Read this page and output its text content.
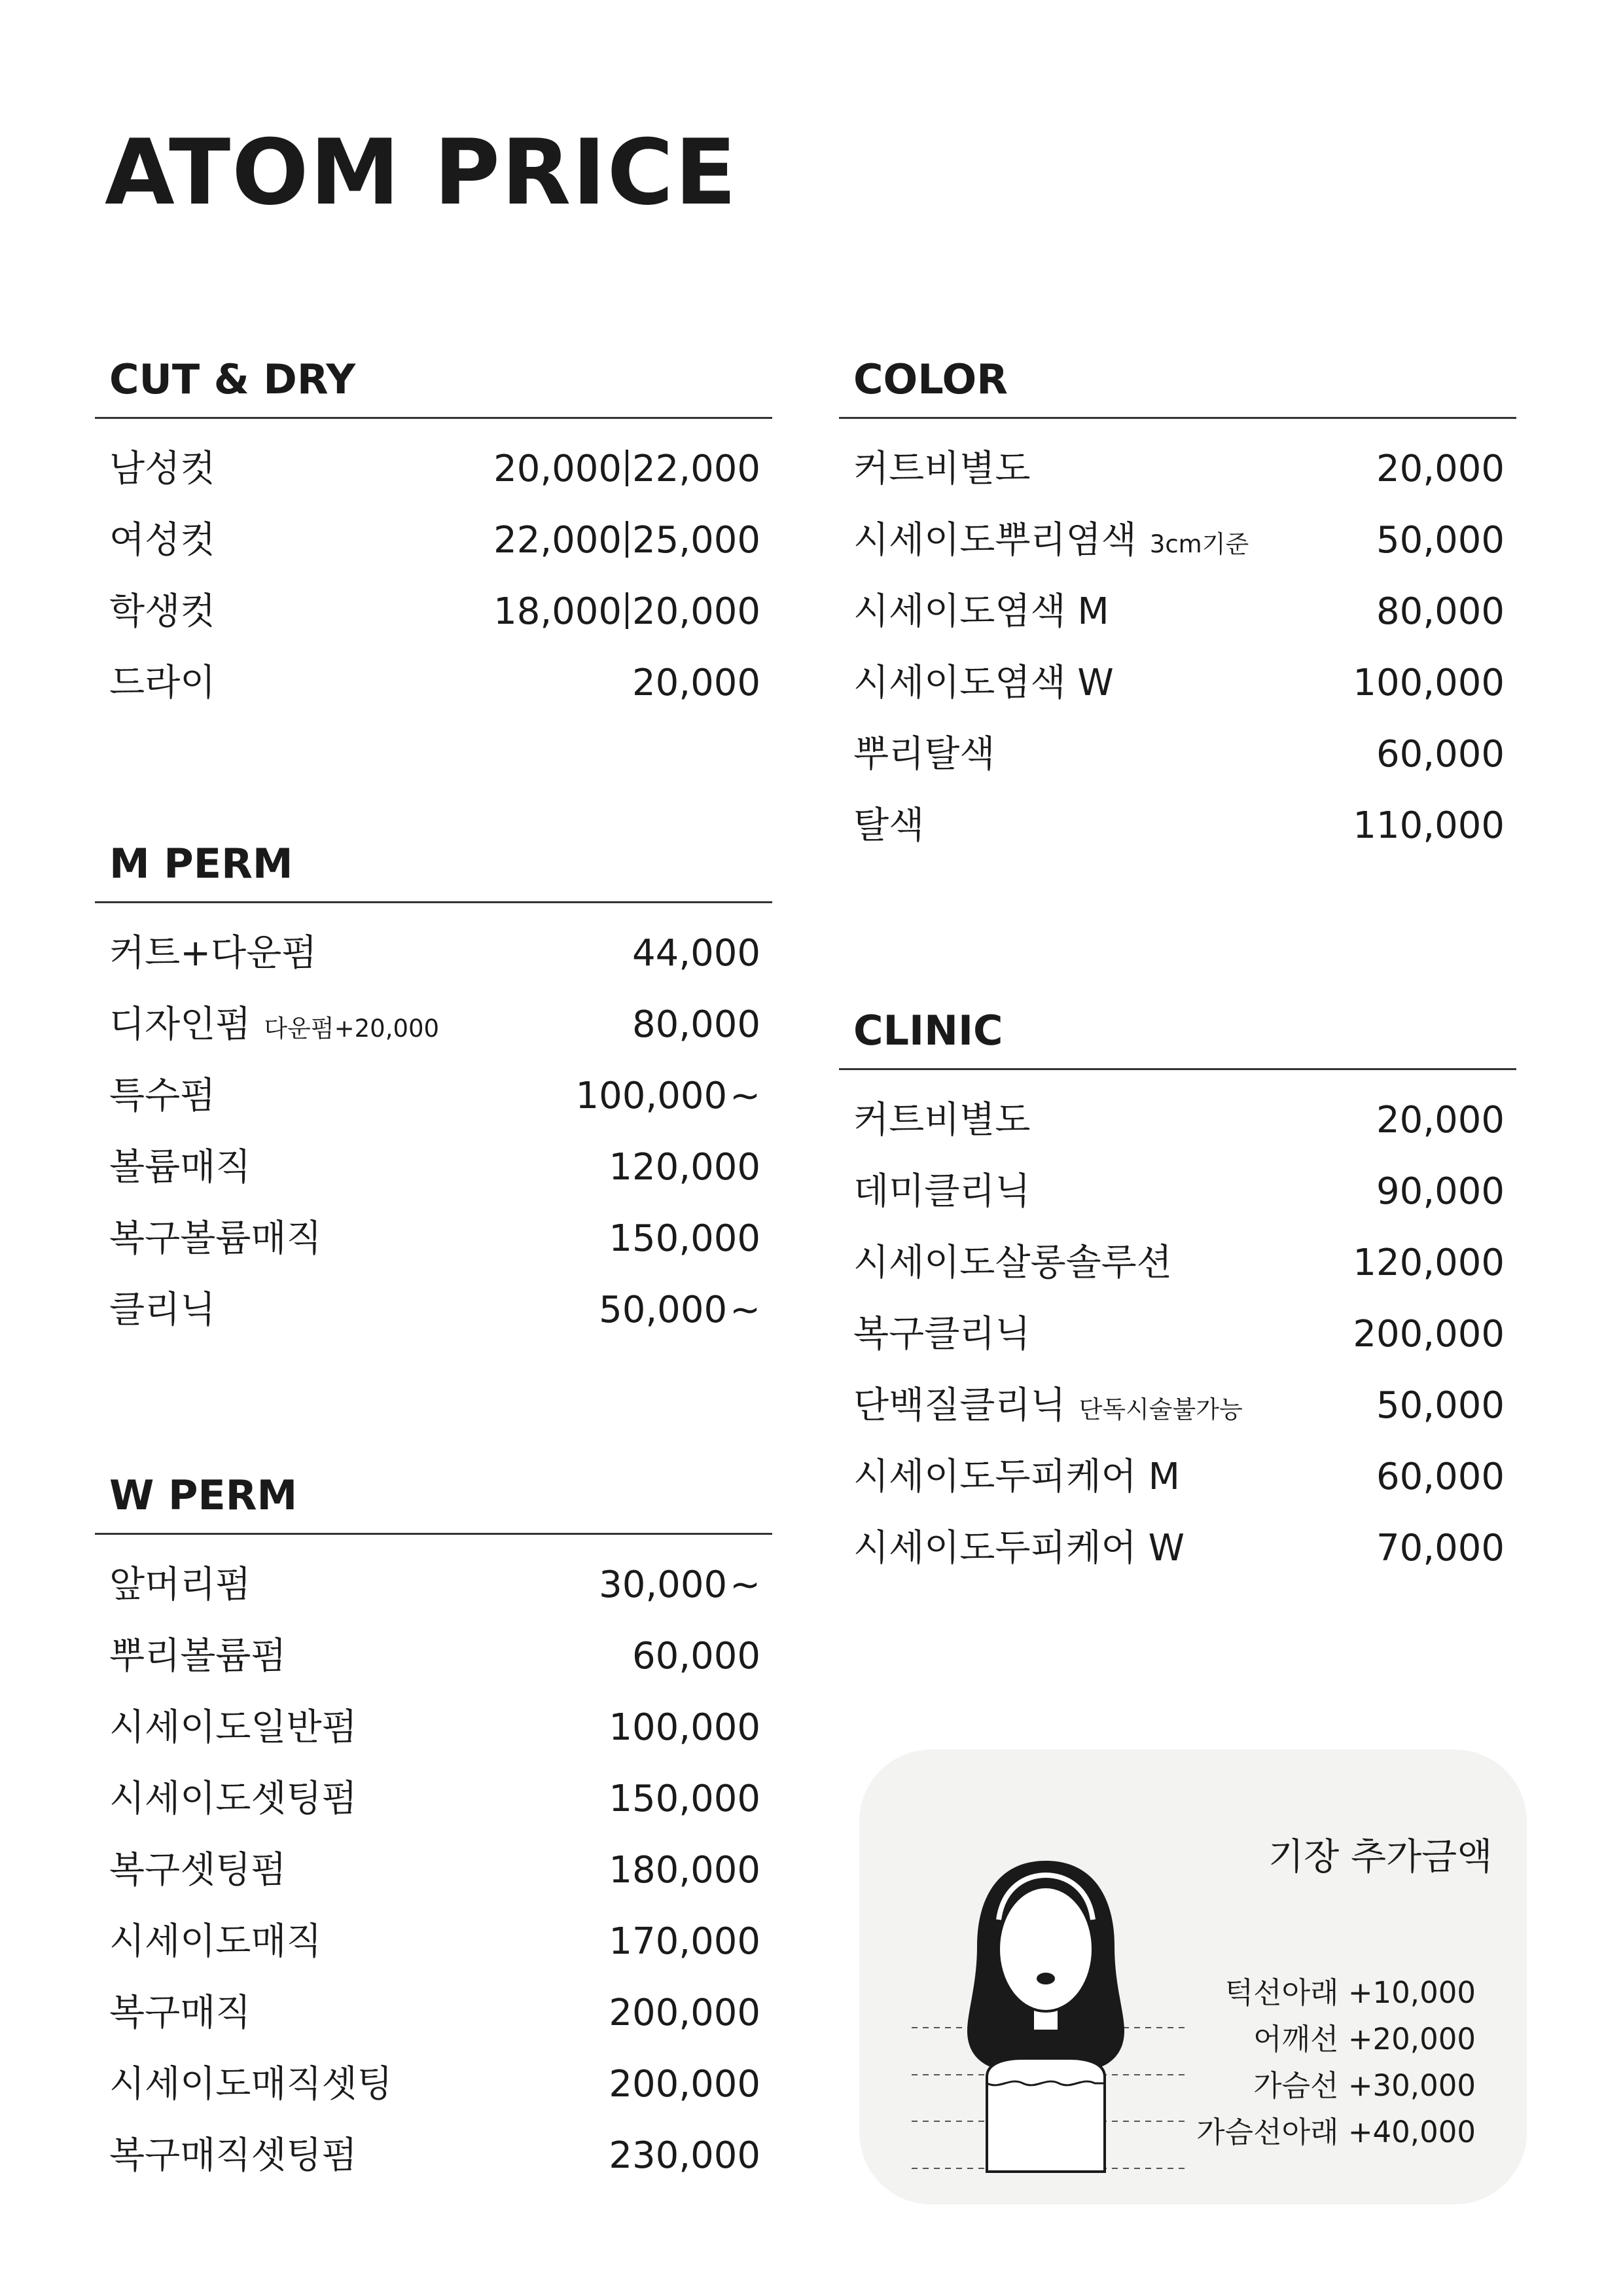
ATOM PRICE
CUT & DRY
남성컷	20,000 22,000
여성컷	22,000 25,000
학생컷	18,000 20,000
드라이	20,000
M PERM
커트+다운펌	44,000
디자인펌 다운펌+20,000	80,000
특수펌	100,000~
볼륨매직	120,000
복구볼륨매직	150,000
클리닉	50,000~
W PERM
앞머리펌	30,000~
뿌리볼륨펌	60,000
시세이도일반펌	100,000
시세이도셋팅펌	150,000
복구셋팅펌	180,000
시세이도매직	170,000
복구매직	200,000
시세이도매직셋팅	200,000
복구매직셋팅펌	230,000
COLOR
커트비별도	20,000
시세이도뿌리염색 3cm기준	50,000
시세이도염색 M	80,000
시세이도염색 W	100,000
뿌리탈색	60,000
탈색	110,000
CLINIC
커트비별도	20,000
데미클리닉	90,000
시세이도살롱솔루션	120,000
복구클리닉	200,000
단백질클리닉 단독시술불가능	50,000
시세이도두피케어 M	60,000
시세이도두피케어 W	70,000
기장 추가금액
턱선아래 +10,000
어깨선 +20,000
가슴선 +30,000
가슴선아래 +40,000
